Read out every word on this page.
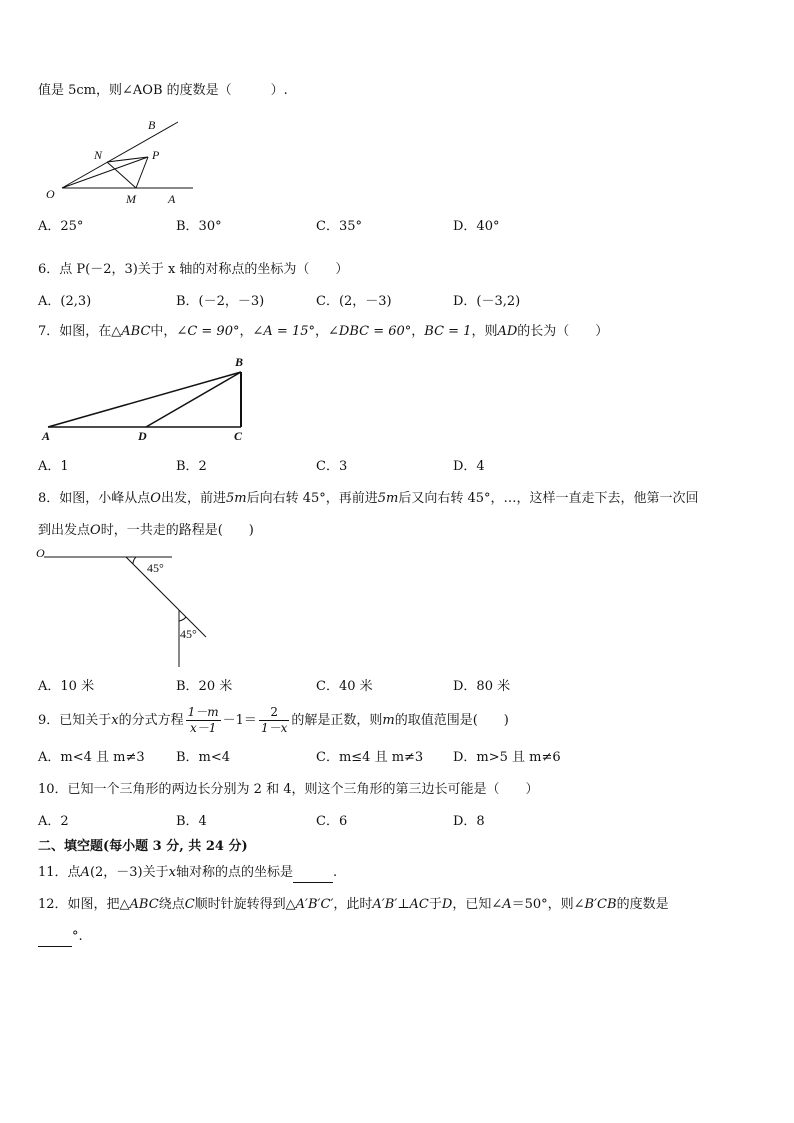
值是 5cm，则∠AOB 的度数是（　　　）.
B
N	P
O	M	A
A．25°	B．30°	C．35°	D．40°
6．点 P(－2，3)关于 x 轴的对称点的坐标为（　　）
A．(2,3)	B．(－2，－3)	C．(2，－3)	D．(－3,2)
7．如图，在△ABC中，∠C = 90°，∠A = 15°，∠DBC = 60°，BC = 1，则AD的长为（　　）
B
A	D	C
A．1	B．2	C．3	D．4
8．如图，小峰从点O出发，前进5m后向右转 45°，再前进5m后又向右转 45°，…，这样一直走下去，他第一次回
到出发点O时，一共走的路程是(　　)
O
45°
45°
A．10 米	B．20 米	C．40 米	D．80 米
9．已知关于x的分式方程 $\frac{1-m}{x-1} -1= \frac{2}{1-x}$ 的解是正数，则m的取值范围是(　　)
A．m<4 且 m≠3 B．m<4	C．m≤4 且 m≠3 D．m>5 且 m≠6
10．已知一个三角形的两边长分别为 2 和 4，则这个三角形的第三边长可能是（　　）
A．2	B．4	C．6	D．8
二、填空题(每小题 3 分, 共 24 分)
11．点A(2，－3)关于x轴对称的点的坐标是	.
12．如图，把△ABC绕点C顺时针旋转得到△A′B′C′，此时A′B′⊥AC于D，已知∠A＝50°，则∠B′CB的度数是
°.
